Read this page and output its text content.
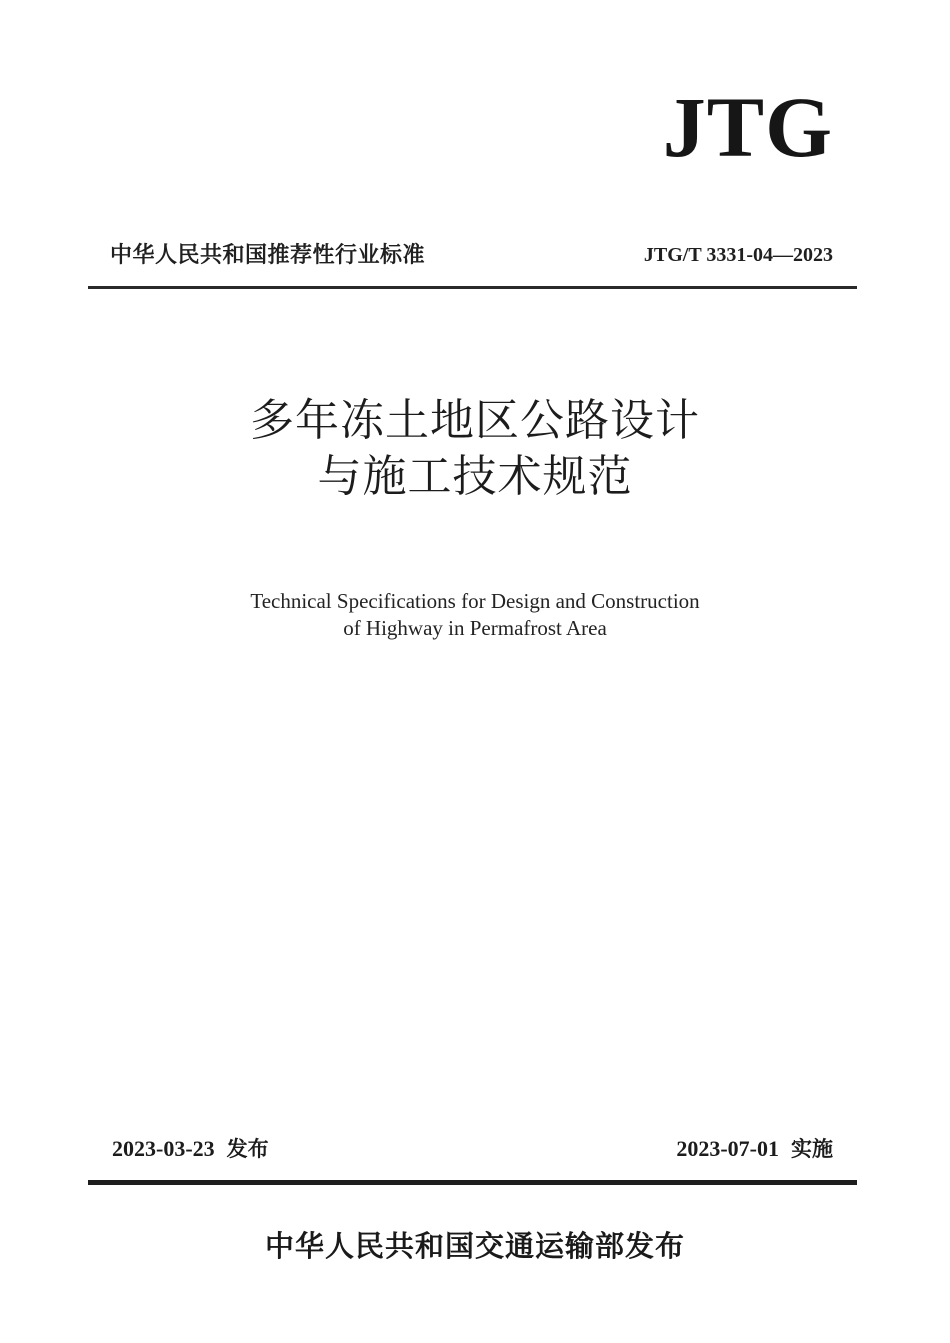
JTG
中华人民共和国推荐性行业标准	JTG/T 3331-04—2023
多年冻土地区公路设计
与施工技术规范
Technical Specifications for Design and Construction
of Highway in Permafrost Area
2023-03-23 发布	2023-07-01 实施
中华人民共和国交通运输部发布
